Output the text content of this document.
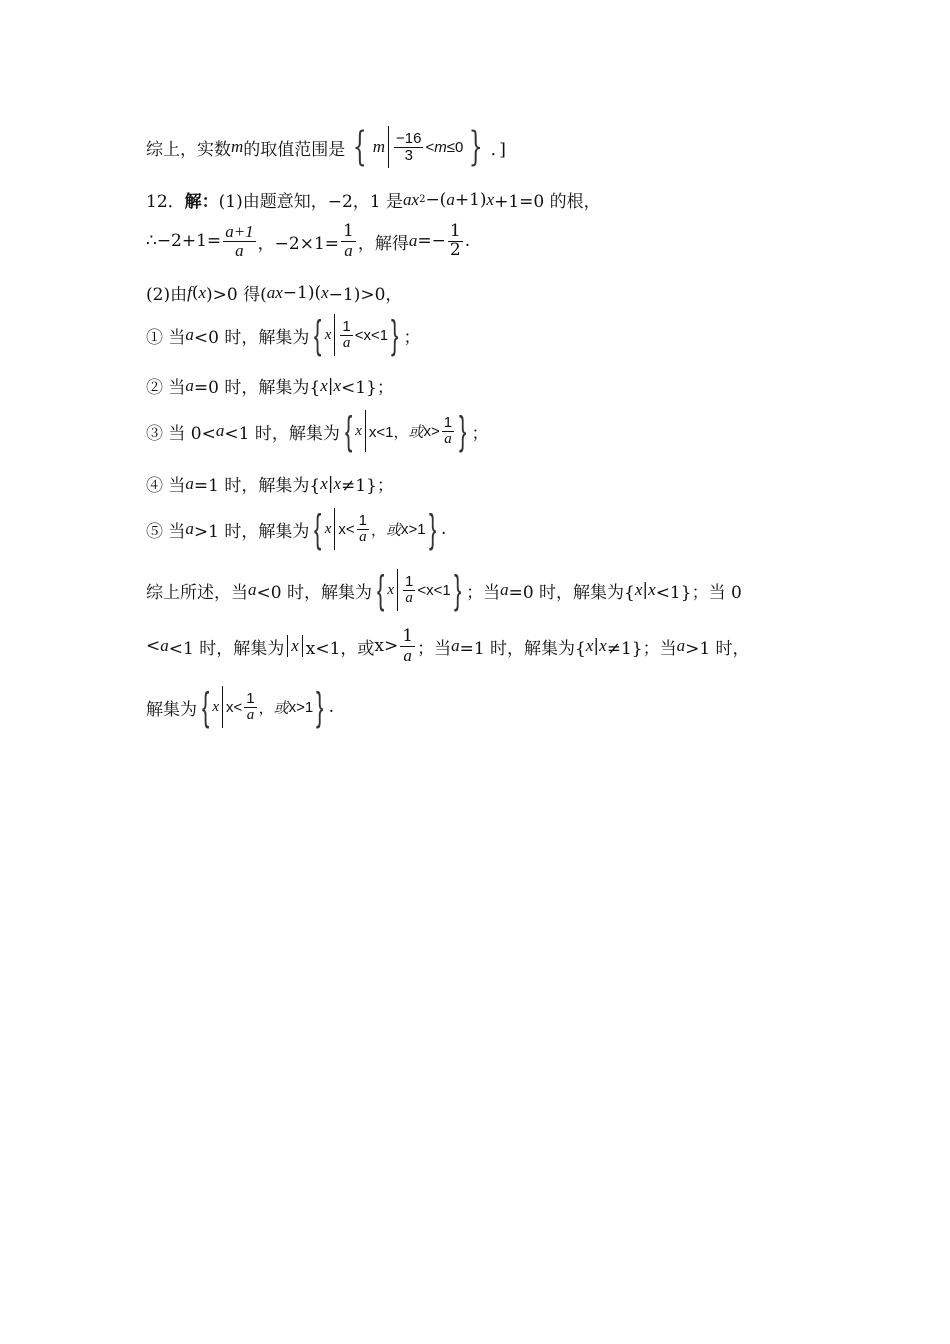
综上，实数 m 的取值范围是 { m $\frac{-16}{3} < m \le 0$ } ．]
12． 解： (1)由题意知，−2，1 是 ax 2 −( a +1) x +1=0 的根，
∴−2+1= $\frac{a+1}{a}$ ，$-2\times 1= \frac{1}{a}$ ，解得 $a =- \frac{1}{2}$ .
(2)由 f ( x )>0 得( ax −1)( x −1)>0，
① 当 a <0 时，解集为 { x $\frac{1}{a} <x<1$ } ；
② 当 a =0 时，解集为{ x | x <1}；
③ 当 0< a <1 时，解集为 { x x<1， 或 $x> \frac{1}{a}$ } ；
④ 当 a =1 时，解集为{ x | x ≠1}；
⑤ 当 a >1 时，解集为 { x $x< \frac{1}{a}$ ， 或 x>1 } .
综上所述，当 a <0 时，解集为 { x $\frac{1}{a} <x<1$ } ；当 a =0 时，解集为{ x | x <1}；当 0
< a <1 时，解集为 x x<1，或 $x> \frac{1}{a}$ ；当 a =1 时，解集为{ x | x ≠1}；当 a >1 时，
解集为 { x $x< \frac{1}{a}$ ， 或 x>1 } .
